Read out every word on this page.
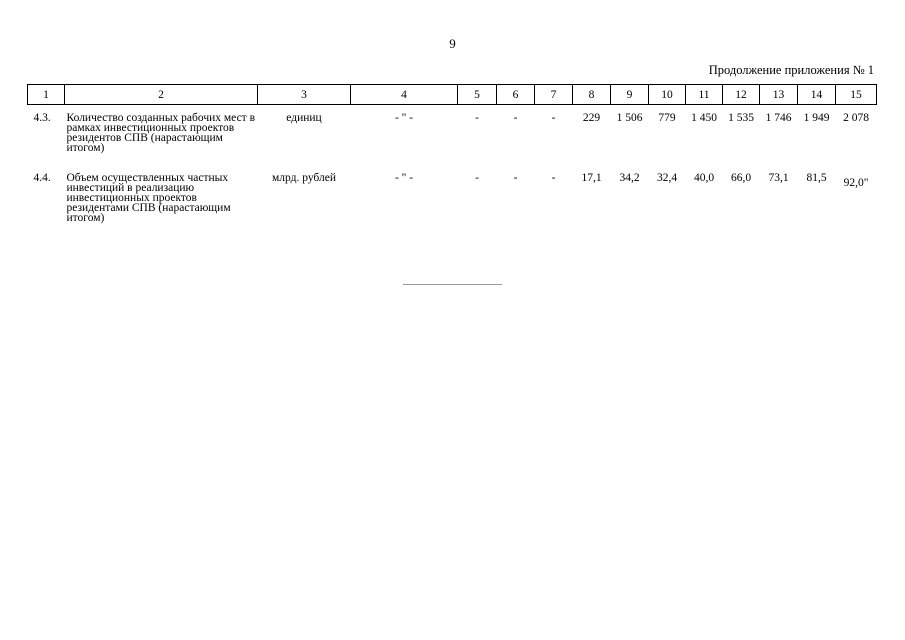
9
Продолжение приложения № 1
1	2	3	4	5	6	7	8	9	10	11	12	13	14	15
4.3.	Количество созданных рабочих мест в рамках инвестиционных проектов резидентов СПВ (нарастающим итогом)	единиц	- " -	-	-	-	229	1 506	779	1 450	1 535	1 746	1 949	2 078
4.4.	Объем осуществленных частных инвестиций в реализацию инвестиционных проектов резидентами СПВ (нарастающим итогом)	млрд. рублей	- " -	-	-	-	17,1	34,2	32,4	40,0	66,0	73,1	81,5	92,0"
